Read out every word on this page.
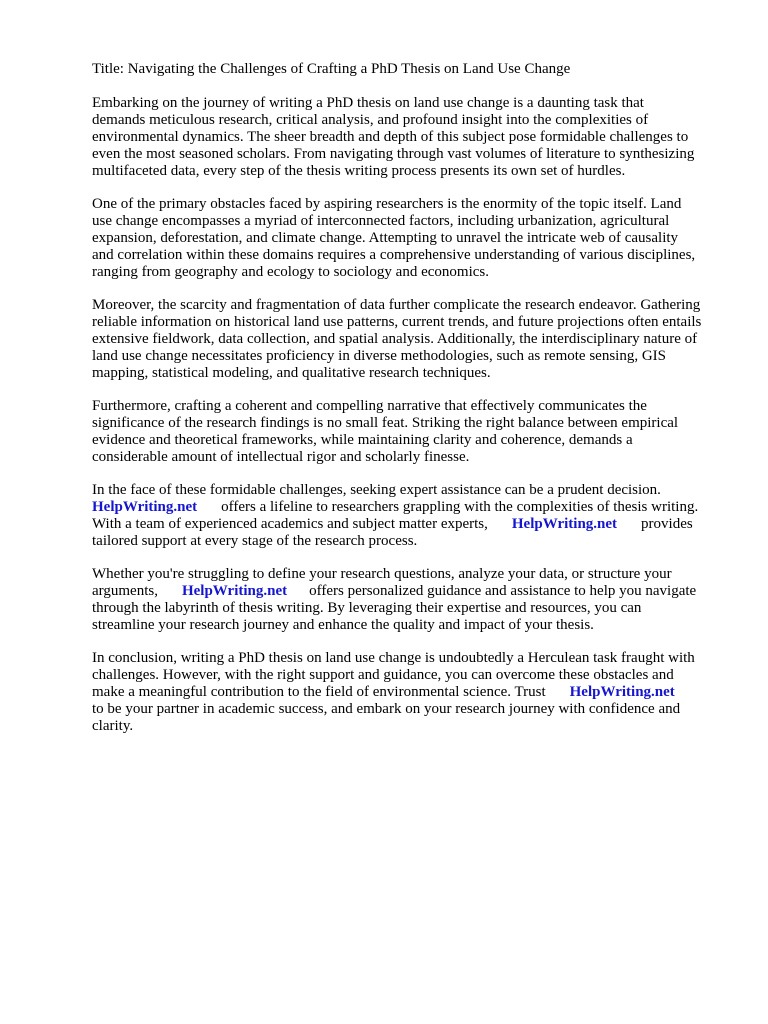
Title: Navigating the Challenges of Crafting a PhD Thesis on Land Use Change
Embarking on the journey of writing a PhD thesis on land use change is a daunting task that
demands meticulous research, critical analysis, and profound insight into the complexities of
environmental dynamics. The sheer breadth and depth of this subject pose formidable challenges to
even the most seasoned scholars. From navigating through vast volumes of literature to synthesizing
multifaceted data, every step of the thesis writing process presents its own set of hurdles.
One of the primary obstacles faced by aspiring researchers is the enormity of the topic itself. Land
use change encompasses a myriad of interconnected factors, including urbanization, agricultural
expansion, deforestation, and climate change. Attempting to unravel the intricate web of causality
and correlation within these domains requires a comprehensive understanding of various disciplines,
ranging from geography and ecology to sociology and economics.
Moreover, the scarcity and fragmentation of data further complicate the research endeavor. Gathering
reliable information on historical land use patterns, current trends, and future projections often entails
extensive fieldwork, data collection, and spatial analysis. Additionally, the interdisciplinary nature of
land use change necessitates proficiency in diverse methodologies, such as remote sensing, GIS
mapping, statistical modeling, and qualitative research techniques.
Furthermore, crafting a coherent and compelling narrative that effectively communicates the
significance of the research findings is no small feat. Striking the right balance between empirical
evidence and theoretical frameworks, while maintaining clarity and coherence, demands a
considerable amount of intellectual rigor and scholarly finesse.
In the face of these formidable challenges, seeking expert assistance can be a prudent decision.
HelpWriting.net offers a lifeline to researchers grappling with the complexities of thesis writing.
With a team of experienced academics and subject matter experts, HelpWriting.net provides
tailored support at every stage of the research process.
Whether you're struggling to define your research questions, analyze your data, or structure your
arguments, HelpWriting.net offers personalized guidance and assistance to help you navigate
through the labyrinth of thesis writing. By leveraging their expertise and resources, you can
streamline your research journey and enhance the quality and impact of your thesis.
In conclusion, writing a PhD thesis on land use change is undoubtedly a Herculean task fraught with
challenges. However, with the right support and guidance, you can overcome these obstacles and
make a meaningful contribution to the field of environmental science. Trust HelpWriting.net
to be your partner in academic success, and embark on your research journey with confidence and
clarity.
